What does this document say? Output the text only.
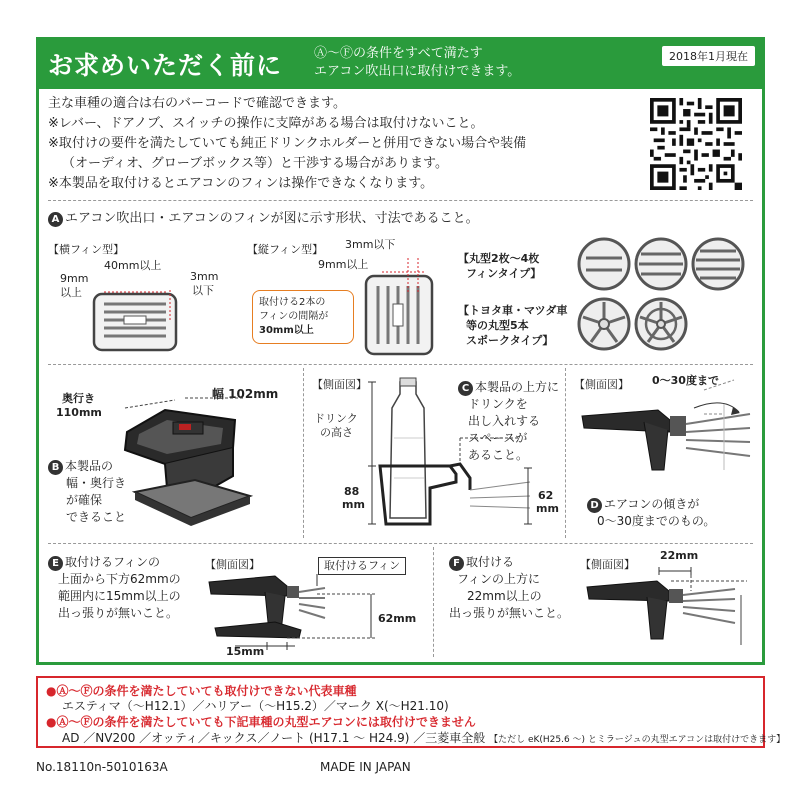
お求めいただく前に Ⓐ～Ⓕの条件をすべて満たす
エアコン吹出口に取付けできます。
2018年1月現在
主な車種の適合は右のバーコードで確認できます。
※レバー、ドアノブ、スイッチの操作に支障がある場合は取付けないこと。
※取付けの要件を満たしていても純正ドリンクホルダーと併用できない場合や装備
（オーディオ、グローブボックス等）と干渉する場合があります。
※本製品を取付けるとエアコンのフィンは操作できなくなります。
A エアコン吹出口・エアコンのフィンが図に示す形状、寸法であること。
【横フィン型】
40mm以上
9mm
以上
3mm
以下
【縦フィン型】 3mm以下
9mm以上
取付ける2本の
フィンの間隔が
30mm以上
【丸型2枚～4枚
フィンタイプ】
【トヨタ車・マツダ車
等の丸型5本
スポークタイプ】
幅 102mm
奥行き
110mm
B 本製品の
幅・奥行き
が確保
できること
【側面図】
ドリンク
の高さ
88
mm
62
mm
C 本製品の上方に
ドリンクを
出し入れする
スペースが
あること。
【側面図】 0～30度まで
D エアコンの傾きが
0～30度までのもの。
E 取付けるフィンの
上面から下方62mmの
範囲内に15mm以上の
出っ張りが無いこと。
【側面図】	取付けるフィン
62mm
15mm
F 取付ける
フィンの上方に
22mm以上の
出っ張りが無いこと。
【側面図】
22mm
●Ⓐ～Ⓕの条件を満たしていても取付けできない代表車種
エスティマ（～H12.1）／ハリアー（～H15.2）／マーク X(～H21.10)
●Ⓐ～Ⓕの条件を満たしていても下記車種の丸型エアコンには取付けできません
AD ／NV200 ／オッティ／キックス／ノート (H17.1 ～ H24.9) ／三菱車全般 【ただし eK(H25.6 ～) とミラージュの丸型エアコンは取付けできます】
No.18110n-5010163A	MADE IN JAPAN
